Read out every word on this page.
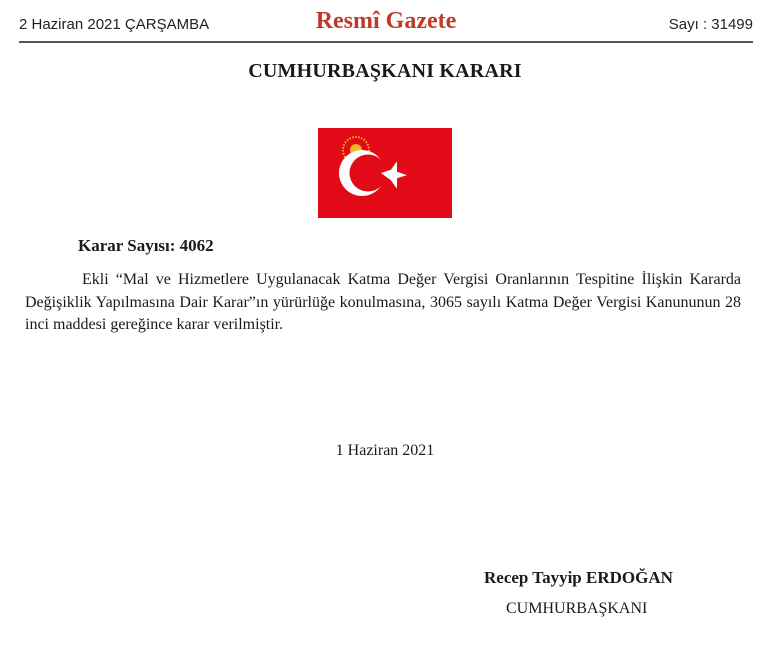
2 Haziran 2021 ÇARŞAMBA	Resmî Gazete	Sayı : 31499
CUMHURBAŞKANI KARARI
Karar Sayısı: 4062

Ekli “Mal ve Hizmetlere Uygulanacak Katma Değer Vergisi Oranlarının Tespitine İlişkin Kararda Değişiklik Yapılmasına Dair Karar”ın yürürlüğe konulmasına, 3065 sayılı Katma Değer Vergisi Kanununun 28 inci maddesi gereğince karar verilmiştir.

1 Haziran 2021
Recep Tayyip ERDOĞAN
CUMHURBAŞKANI
